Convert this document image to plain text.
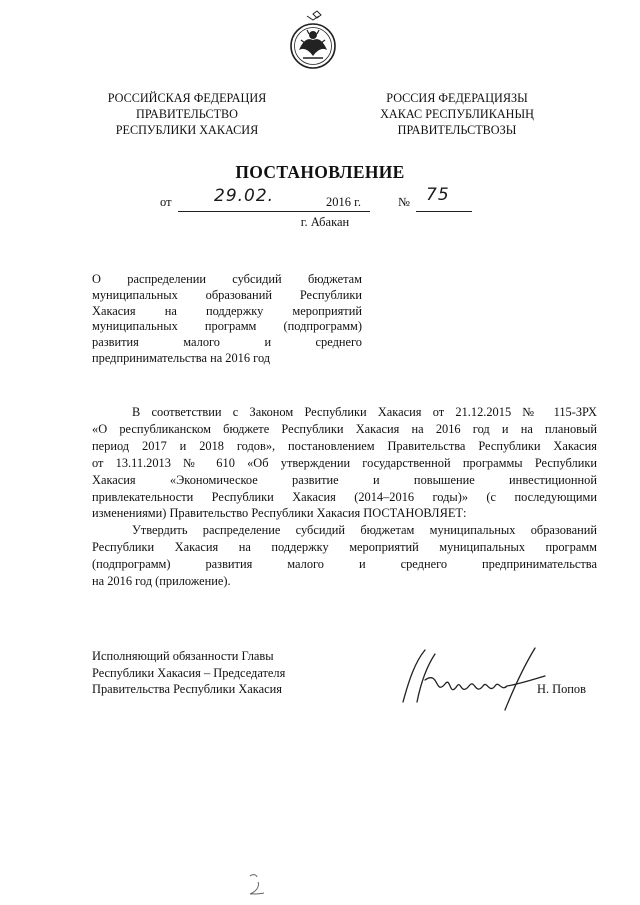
РОССИЙСКАЯ ФЕДЕРАЦИЯ
ПРАВИТЕЛЬСТВО
РЕСПУБЛИКИ ХАКАСИЯ
РОССИЯ ФЕДЕРАЦИЯЗЫ
ХАКАС РЕСПУБЛИКАНЫҢ
ПРАВИТЕЛЬСТВОЗЫ
ПОСТАНОВЛЕНИЕ
от 29.02.	2016 г.	№ 75
г. Абакан
О распределении субсидий бюджетам
муниципальных образований Республики
Хакасия на поддержку мероприятий
муниципальных программ (подпрограмм)
развития малого и среднего
предпринимательства на 2016 год
В соответствии с Законом Республики Хакасия от 21.12.2015 № 115-ЗРХ
«О республиканском бюджете Республики Хакасия на 2016 год и на плановый
период 2017 и 2018 годов», постановлением Правительства Республики Хакасия
от 13.11.2013 № 610 «Об утверждении государственной программы Республики
Хакасия «Экономическое развитие и повышение инвестиционной
привлекательности Республики Хакасия (2014–2016 годы)» (с последующими
изменениями) Правительство Республики Хакасия ПОСТАНОВЛЯЕТ:
Утвердить распределение субсидий бюджетам муниципальных образований
Республики Хакасия на поддержку мероприятий муниципальных программ
(подпрограмм) развития малого и среднего предпринимательства
на 2016 год (приложение).
Исполняющий обязанности Главы
Республики Хакасия – Председателя
Правительства Республики Хакасия	Н. Попов
